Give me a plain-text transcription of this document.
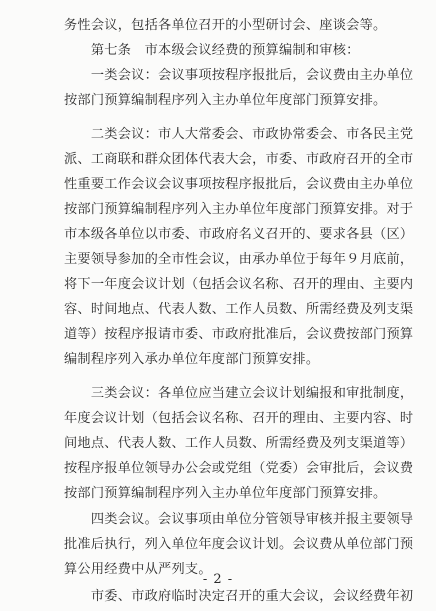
务性会议，包括各单位召开的小型研讨会、座谈会等。
　　第七条　市本级会议经费的预算编制和审核：
　　一类会议：会议事项按程序报批后，会议费由主办单位
按部门预算编制程序列入主办单位年度部门预算安排。
　　二类会议：市人大常委会、市政协常委会、市各民主党
派、工商联和群众团体代表大会，市委、市政府召开的全市
性重要工作会议会议事项按程序报批后，会议费由主办单位
按部门预算编制程序列入主办单位年度部门预算安排。对于
市本级各单位以市委、市政府名义召开的、要求各县（区）
主要领导参加的全市性会议，由承办单位于每年９月底前，
将下一年度会议计划（包括会议名称、召开的理由、主要内
容、时间地点、代表人数、工作人员数、所需经费及列支渠
道等）按程序报请市委、市政府批准后，会议费按部门预算
编制程序列入承办单位年度部门预算安排。
　　三类会议：各单位应当建立会议计划编报和审批制度，
年度会议计划（包括会议名称、召开的理由、主要内容、时
间地点、代表人数、工作人员数、所需经费及列支渠道等）
按程序报单位领导办公会或党组（党委）会审批后，会议费
按部门预算编制程序列入主办单位年度部门预算安排。
　　四类会议。会议事项由单位分管领导审核并报主要领导
批准后执行，列入单位年度会议计划。会议费从单位部门预
算公用经费中从严列支。
　　市委、市政府临时决定召开的重大会议，会议经费年初
- 2 -
